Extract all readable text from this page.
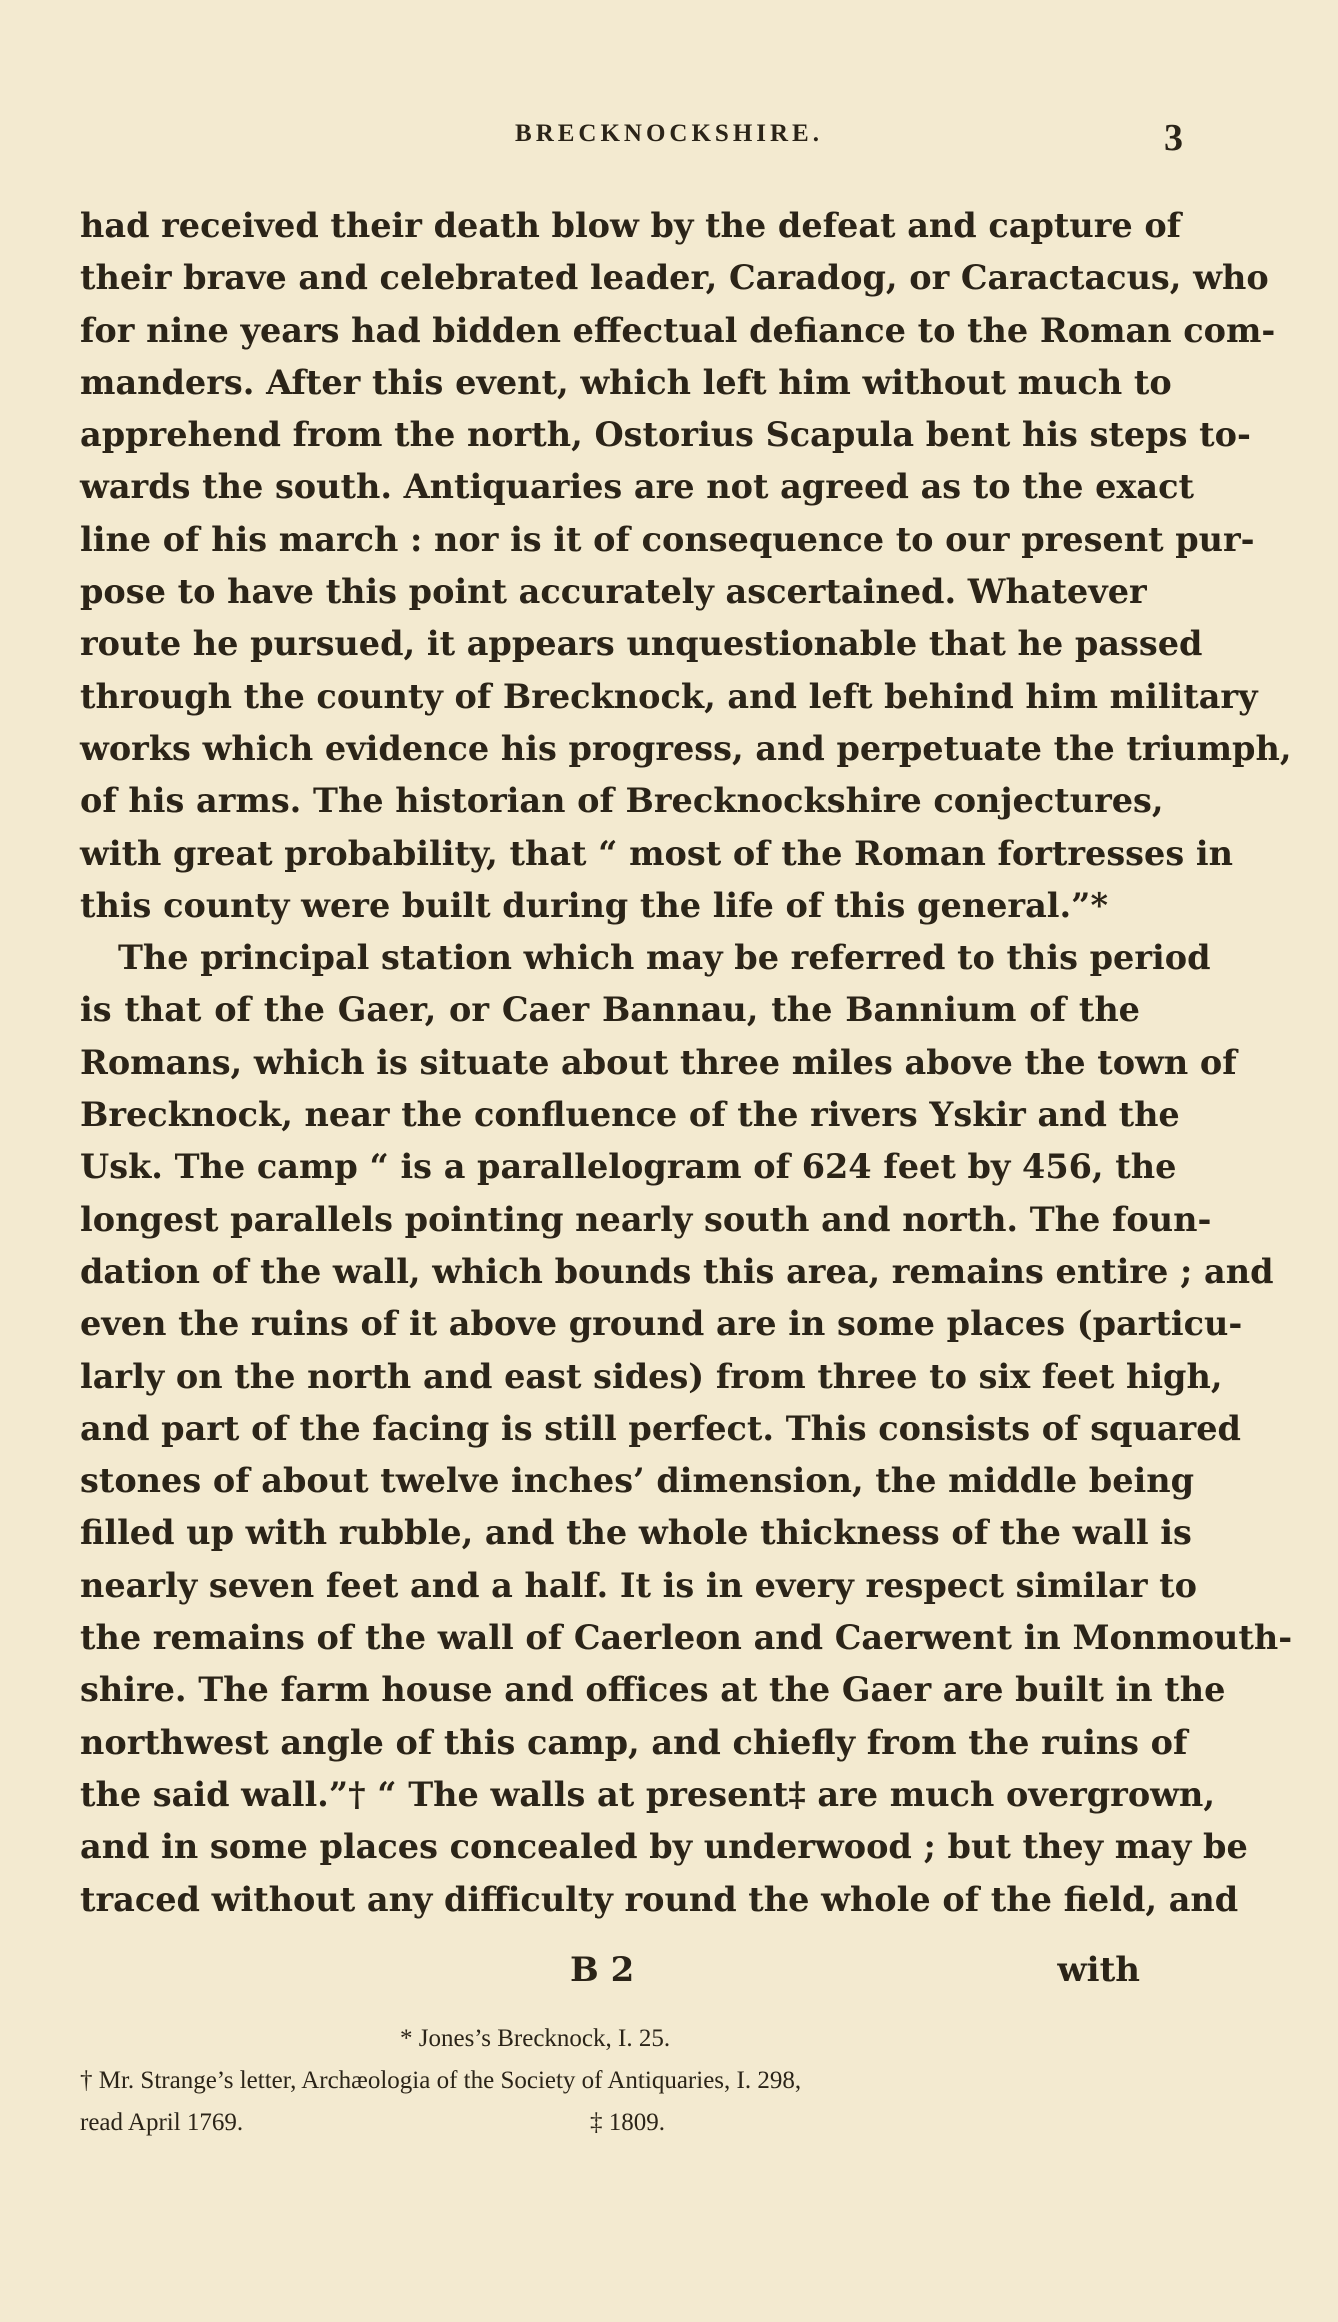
BRECKNOCKSHIRE.	3
had received their death blow by the defeat and capture of
their brave and celebrated leader, Caradog, or Caractacus, who
for nine years had bidden effectual defiance to the Roman com-
manders. After this event, which left him without much to
apprehend from the north, Ostorius Scapula bent his steps to-
wards the south. Antiquaries are not agreed as to the exact
line of his march : nor is it of consequence to our present pur-
pose to have this point accurately ascertained. Whatever
route he pursued, it appears unquestionable that he passed
through the county of Brecknock, and left behind him military
works which evidence his progress, and perpetuate the triumph,
of his arms. The historian of Brecknockshire conjectures,
with great probability, that “ most of the Roman fortresses in
this county were built during the life of this general.”*
The principal station which may be referred to this period
is that of the Gaer, or Caer Bannau, the Bannium of the
Romans, which is situate about three miles above the town of
Brecknock, near the confluence of the rivers Yskir and the
Usk. The camp “ is a parallelogram of 624 feet by 456, the
longest parallels pointing nearly south and north. The foun-
dation of the wall, which bounds this area, remains entire ; and
even the ruins of it above ground are in some places (particu-
larly on the north and east sides) from three to six feet high,
and part of the facing is still perfect. This consists of squared
stones of about twelve inches’ dimension, the middle being
filled up with rubble, and the whole thickness of the wall is
nearly seven feet and a half. It is in every respect similar to
the remains of the wall of Caerleon and Caerwent in Monmouth-
shire. The farm house and offices at the Gaer are built in the
northwest angle of this camp, and chiefly from the ruins of
the said wall.”† “ The walls at present‡ are much overgrown,
and in some places concealed by underwood ; but they may be
traced without any difficulty round the whole of the field, and
B 2	with
* Jones’s Brecknock, I. 25.
† Mr. Strange’s letter, Archæologia of the Society of Antiquaries, I. 298,
read April 1769.	‡ 1809.
